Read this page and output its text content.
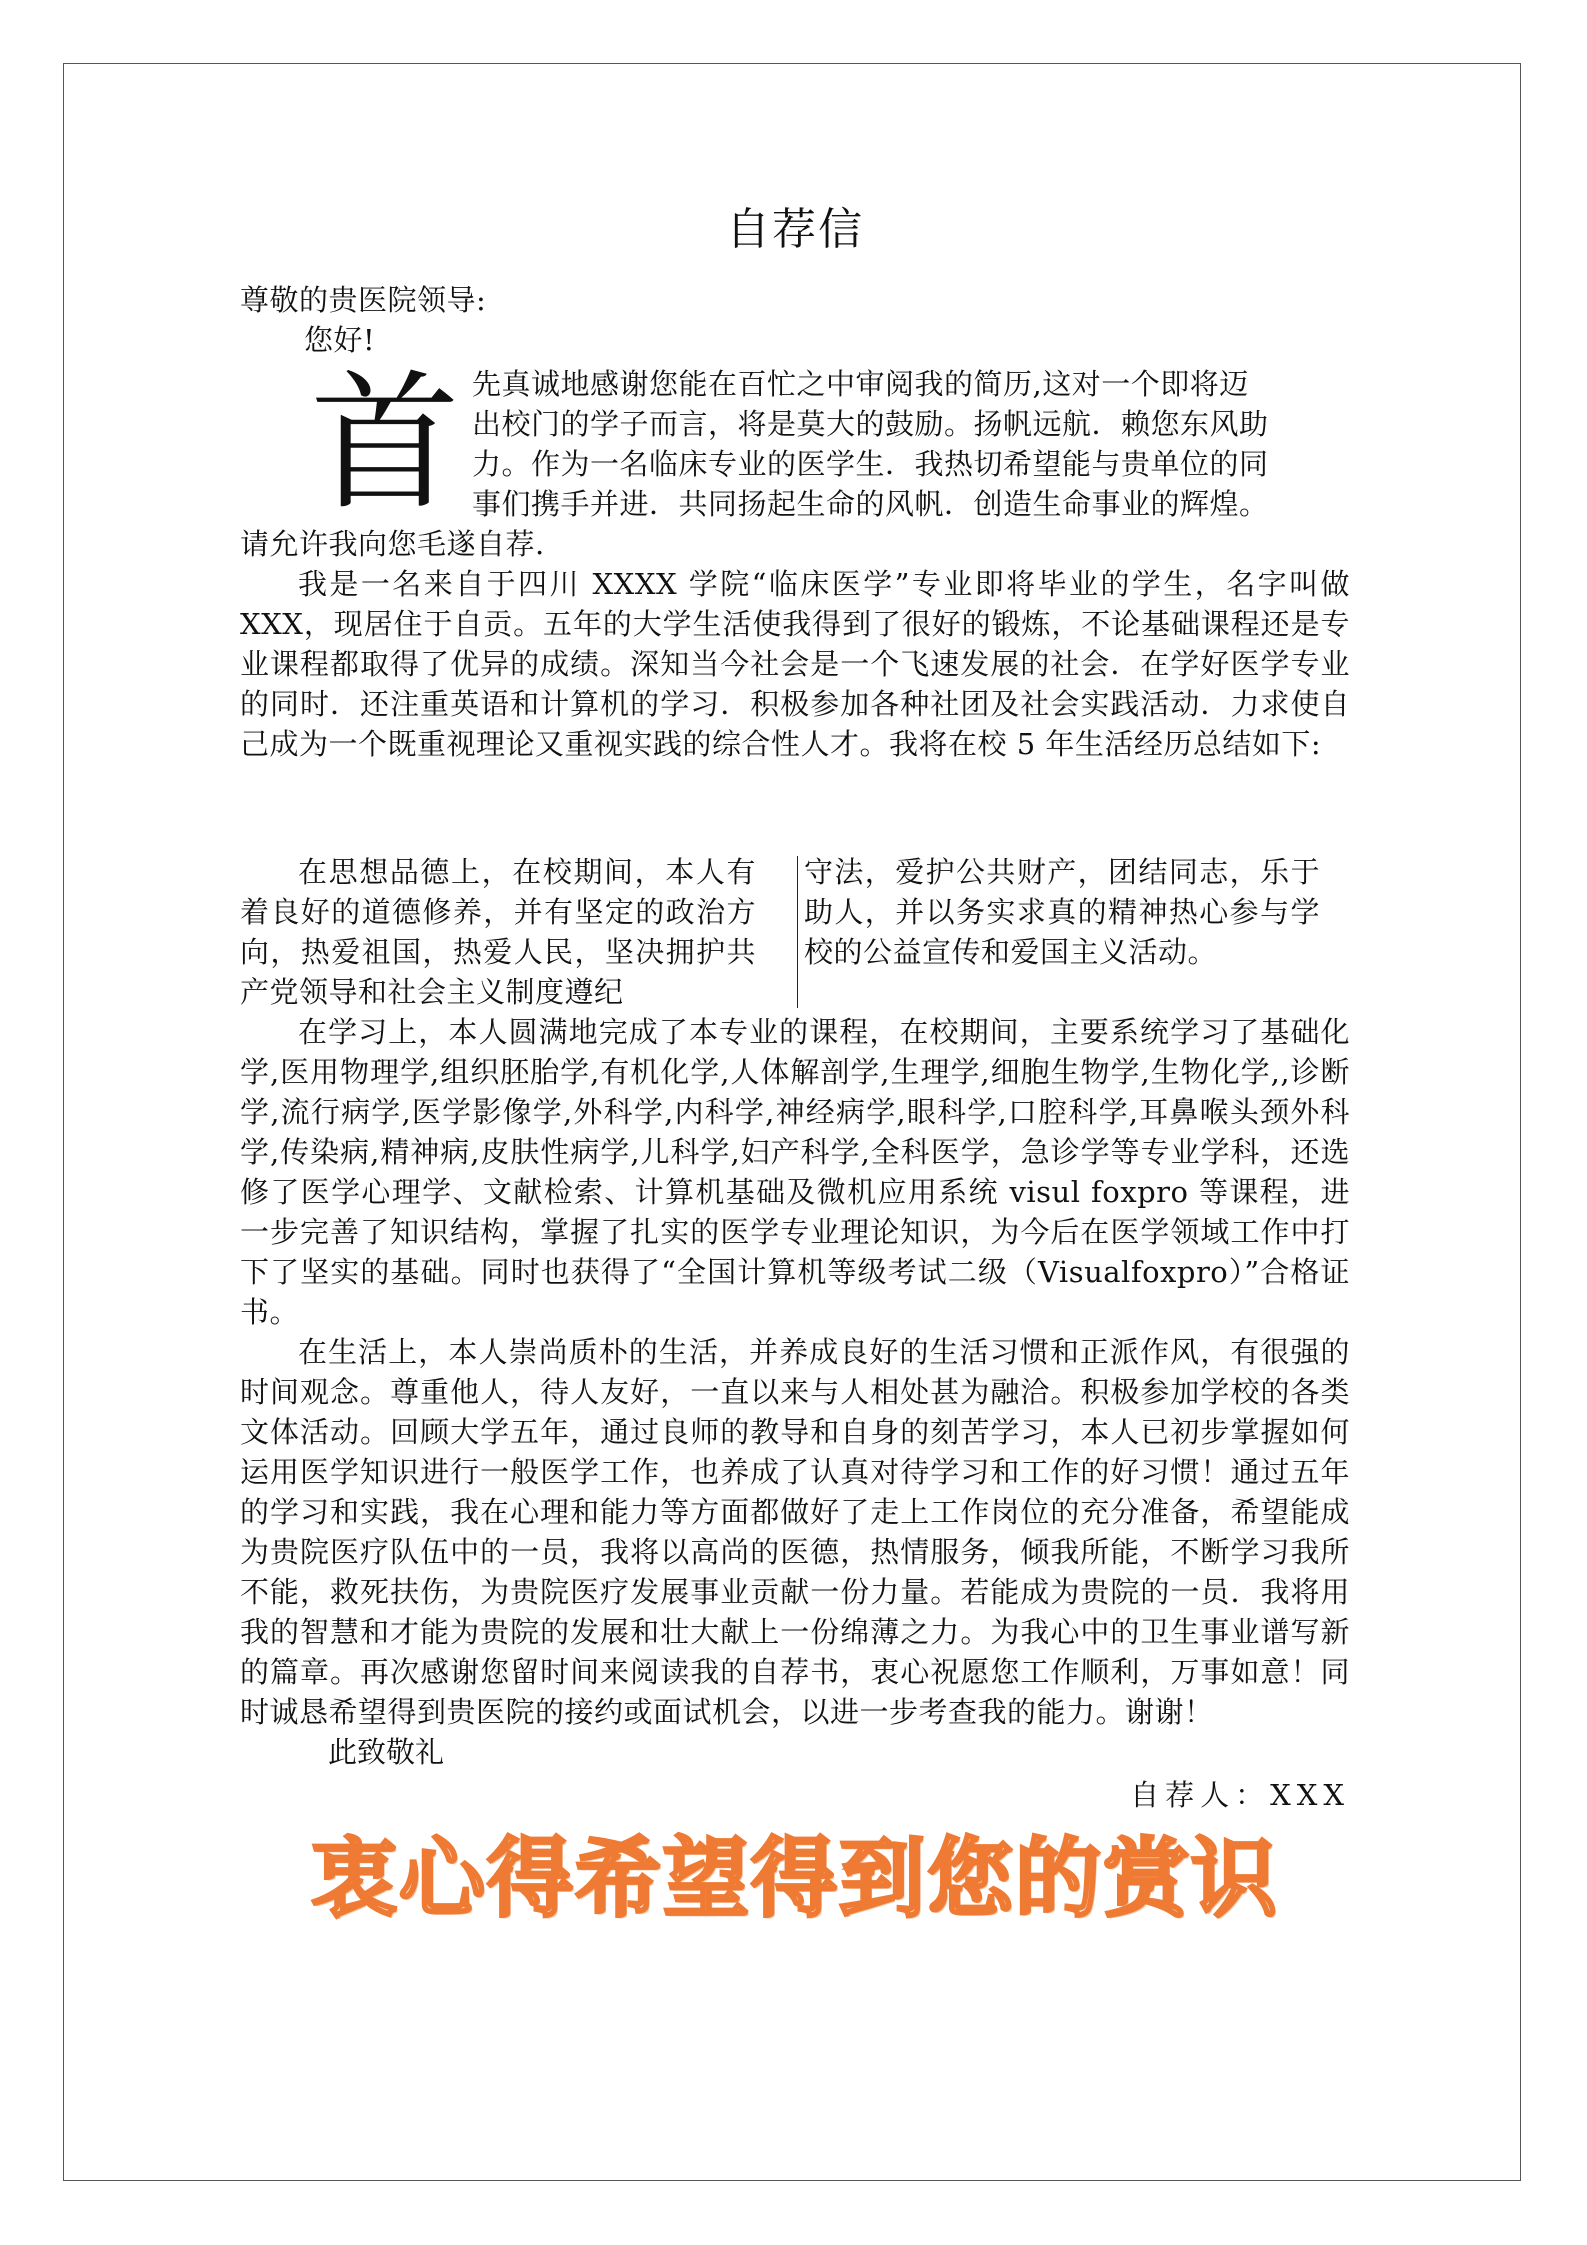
自荐信

尊敬的贵医院领导:

您好!

首 先真诚地感谢您能在百忙之中审阅我的简历,这对一个即将迈

出校门的学子而言，将是莫大的鼓励。扬帆远航．赖您东风助

力。作为一名临床专业的医学生．我热切希望能与贵单位的同

事们携手并进．共同扬起生命的风帆．创造生命事业的辉煌。

请允许我向您毛遂自荐.

我是一名来自于四川 XXXX 学院“临床医学”专业即将毕业的学生，名字叫做 XXX，现居住于自贡。五年的大学生活使我得到了很好的锻炼，不论基础课程还是专业课程都取得了优异的成绩。深知当今社会是一个飞速发展的社会．在学好医学专业的同时．还注重英语和计算机的学习．积极参加各种社团及社会实践活动．力求使自己成为一个既重视理论又重视实践的综合性人才。我将在校 5 年生活经历总结如下:

在思想品德上，在校期间，本人有着良好的道德修养，并有坚定的政治方向，热爱祖国，热爱人民，坚决拥护共产党领导和社会主义制度遵纪
守法，爱护公共财产，团结同志，乐于助人，并以务实求真的精神热心参与学校的公益宣传和爱国主义活动。

在学习上，本人圆满地完成了本专业的课程，在校期间，主要系统学习了基础化学,医用物理学,组织胚胎学,有机化学,人体解剖学,生理学,细胞生物学,生物化学,,诊断学,流行病学,医学影像学,外科学,内科学,神经病学,眼科学,口腔科学,耳鼻喉头颈外科学,传染病,精神病,皮肤性病学,儿科学,妇产科学,全科医学，急诊学等专业学科，还选修了医学心理学、文献检索、计算机基础及微机应用系统 visul foxpro 等课程，进一步完善了知识结构，掌握了扎实的医学专业理论知识，为今后在医学领域工作中打下了坚实的基础。同时也获得了“全国计算机等级考试二级（Visualfoxpro）”合格证书。

在生活上，本人崇尚质朴的生活，并养成良好的生活习惯和正派作风，有很强的时间观念。尊重他人，待人友好，一直以来与人相处甚为融洽。积极参加学校的各类文体活动。回顾大学五年，通过良师的教导和自身的刻苦学习，本人已初步掌握如何运用医学知识进行一般医学工作，也养成了认真对待学习和工作的好习惯！通过五年的学习和实践，我在心理和能力等方面都做好了走上工作岗位的充分准备，希望能成为贵院医疗队伍中的一员，我将以高尚的医德，热情服务，倾我所能，不断学习我所不能，救死扶伤，为贵院医疗发展事业贡献一份力量。若能成为贵院的一员．我将用我的智慧和才能为贵院的发展和壮大献上一份绵薄之力。为我心中的卫生事业谱写新的篇章。再次感谢您留时间来阅读我的自荐书，衷心祝愿您工作顺利，万事如意！同时诚恳希望得到贵医院的接约或面试机会，以进一步考查我的能力。谢谢！

此致敬礼

自荐人：XXX
衷心得希望得到您的赏识
